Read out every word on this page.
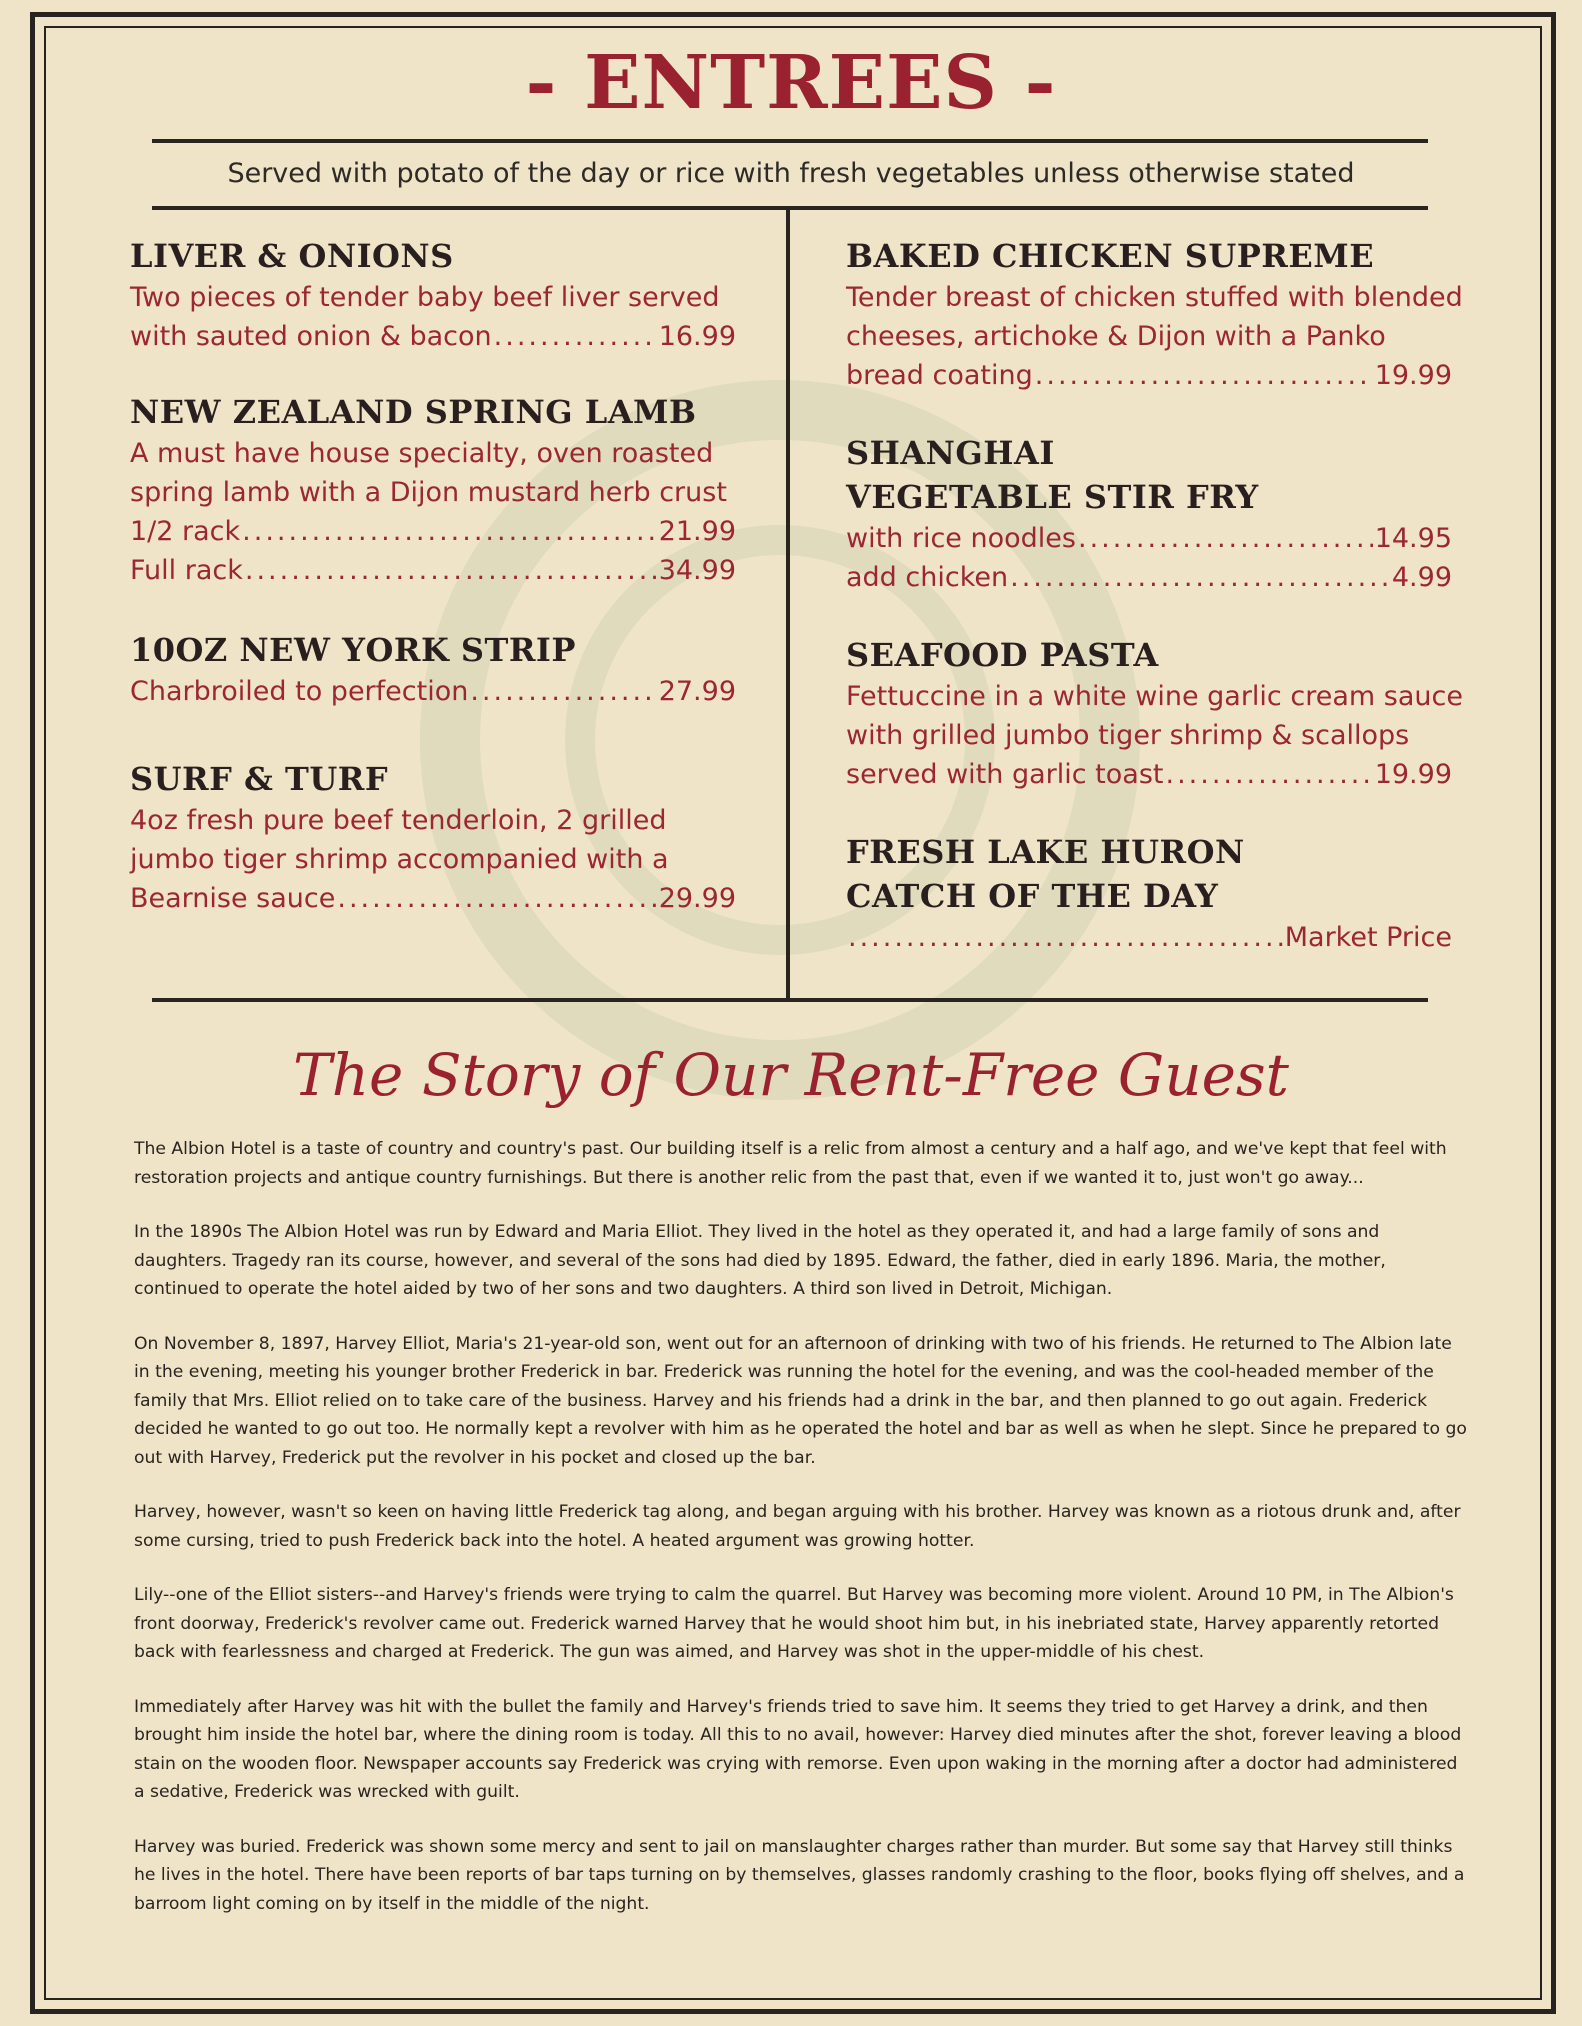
- ENTREES -
Served with potato of the day or rice with fresh vegetables unless otherwise stated
LIVER & ONIONS
Two pieces of tender baby beef liver served
with sauted onion & bacon .....	16.99
NEW ZEALAND SPRING LAMB
A must have house specialty, oven roasted
spring lamb with a Dijon mustard herb crust
1/2 rack .....	21.99
Full rack .....	34.99
10OZ NEW YORK STRIP
Charbroiled to perfection .....	27.99
SURF & TURF
4oz fresh pure beef tenderloin, 2 grilled
jumbo tiger shrimp accompanied with a
Bearnise sauce .....	29.99
BAKED CHICKEN SUPREME
Tender breast of chicken stuffed with blended
cheeses, artichoke & Dijon with a Panko
bread coating .....	19.99
SHANGHAI VEGETABLE STIR FRY
with rice noodles .....	14.95
add chicken .....	4.99
SEAFOOD PASTA
Fettuccine in a white wine garlic cream sauce
with grilled jumbo tiger shrimp & scallops
served with garlic toast .....	19.99
FRESH LAKE HURON CATCH OF THE DAY
.....
Market Price
The Story of Our Rent-Free Guest

The Albion Hotel is a taste of country and country's past. Our building itself is a relic from almost a century and a half ago, and we've kept that feel with restoration projects and antique country furnishings. But there is another relic from the past that, even if we wanted it to, just won't go away...

In the 1890s The Albion Hotel was run by Edward and Maria Elliot. They lived in the hotel as they operated it, and had a large family of sons and daughters. Tragedy ran its course, however, and several of the sons had died by 1895. Edward, the father, died in early 1896. Maria, the mother, continued to operate the hotel aided by two of her sons and two daughters. A third son lived in Detroit, Michigan.

On November 8, 1897, Harvey Elliot, Maria's 21-year-old son, went out for an afternoon of drinking with two of his friends. He returned to The Albion late in the evening, meeting his younger brother Frederick in bar. Frederick was running the hotel for the evening, and was the cool-headed member of the family that Mrs. Elliot relied on to take care of the business. Harvey and his friends had a drink in the bar, and then planned to go out again. Frederick decided he wanted to go out too. He normally kept a revolver with him as he operated the hotel and bar as well as when he slept. Since he prepared to go out with Harvey, Frederick put the revolver in his pocket and closed up the bar.

Harvey, however, wasn't so keen on having little Frederick tag along, and began arguing with his brother. Harvey was known as a riotous drunk and, after some cursing, tried to push Frederick back into the hotel. A heated argument was growing hotter.

Lily--one of the Elliot sisters--and Harvey's friends were trying to calm the quarrel. But Harvey was becoming more violent. Around 10 PM, in The Albion's front doorway, Frederick's revolver came out. Frederick warned Harvey that he would shoot him but, in his inebriated state, Harvey apparently retorted back with fearlessness and charged at Frederick. The gun was aimed, and Harvey was shot in the upper-middle of his chest.

Immediately after Harvey was hit with the bullet the family and Harvey's friends tried to save him. It seems they tried to get Harvey a drink, and then brought him inside the hotel bar, where the dining room is today. All this to no avail, however: Harvey died minutes after the shot, forever leaving a blood stain on the wooden floor. Newspaper accounts say Frederick was crying with remorse. Even upon waking in the morning after a doctor had administered a sedative, Frederick was wrecked with guilt.

Harvey was buried. Frederick was shown some mercy and sent to jail on manslaughter charges rather than murder. But some say that Harvey still thinks he lives in the hotel. There have been reports of bar taps turning on by themselves, glasses randomly crashing to the floor, books flying off shelves, and a barroom light coming on by itself in the middle of the night.
